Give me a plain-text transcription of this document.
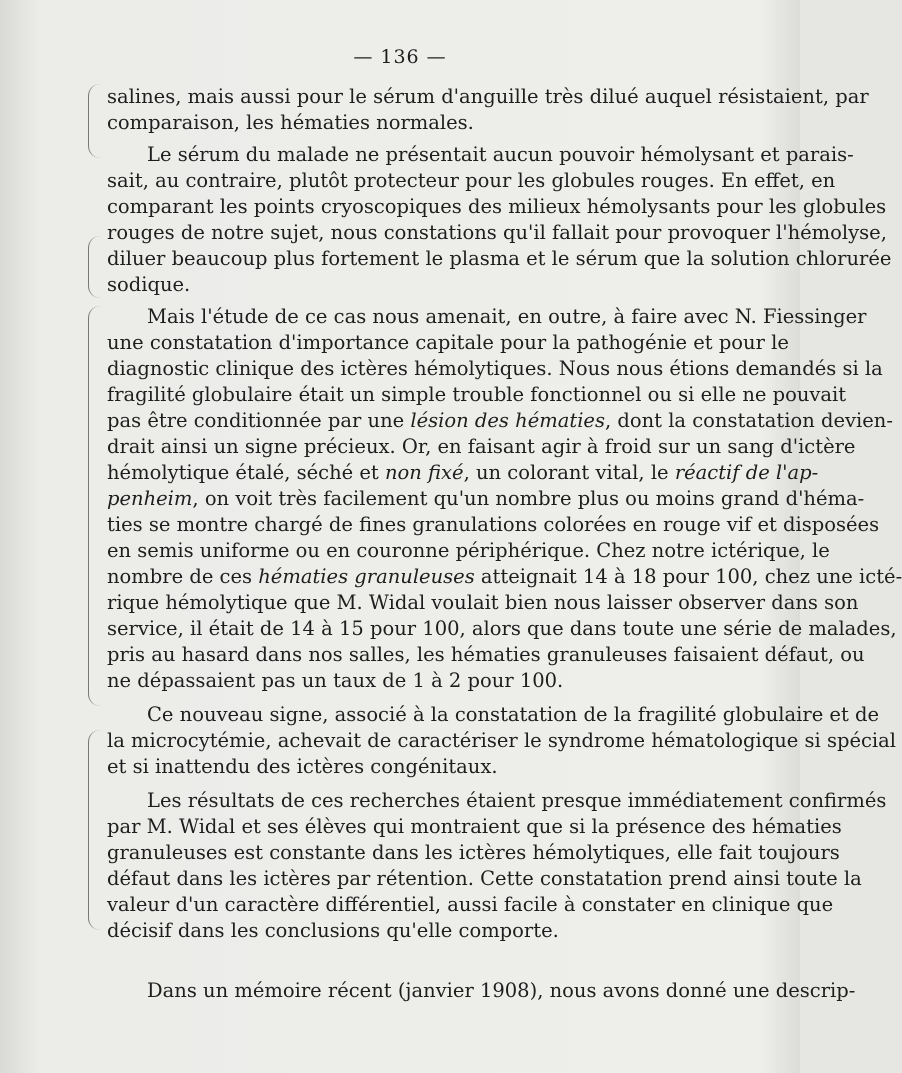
— 136 —
salines, mais aussi pour le sérum d'anguille très dilué auquel résistaient, par
comparaison, les hématies normales.
Le sérum du malade ne présentait aucun pouvoir hémolysant et parais-
sait, au contraire, plutôt protecteur pour les globules rouges. En effet, en
comparant les points cryoscopiques des milieux hémolysants pour les globules
rouges de notre sujet, nous constations qu'il fallait pour provoquer l'hémolyse,
diluer beaucoup plus fortement le plasma et le sérum que la solution chlorurée
sodique.
Mais l'étude de ce cas nous amenait, en outre, à faire avec N. Fiessinger
une constatation d'importance capitale pour la pathogénie et pour le
diagnostic clinique des ictères hémolytiques. Nous nous étions demandés si la
fragilité globulaire était un simple trouble fonctionnel ou si elle ne pouvait
pas être conditionnée par une lésion des hématies, dont la constatation devien-
drait ainsi un signe précieux. Or, en faisant agir à froid sur un sang d'ictère
hémolytique étalé, séché et non fixé, un colorant vital, le réactif de l'ap-
penheim, on voit très facilement qu'un nombre plus ou moins grand d'héma-
ties se montre chargé de fines granulations colorées en rouge vif et disposées
en semis uniforme ou en couronne périphérique. Chez notre ictérique, le
nombre de ces hématies granuleuses atteignait 14 à 18 pour 100, chez une icté-
rique hémolytique que M. Widal voulait bien nous laisser observer dans son
service, il était de 14 à 15 pour 100, alors que dans toute une série de malades,
pris au hasard dans nos salles, les hématies granuleuses faisaient défaut, ou
ne dépassaient pas un taux de 1 à 2 pour 100.
Ce nouveau signe, associé à la constatation de la fragilité globulaire et de
la microcytémie, achevait de caractériser le syndrome hématologique si spécial
et si inattendu des ictères congénitaux.
Les résultats de ces recherches étaient presque immédiatement confirmés
par M. Widal et ses élèves qui montraient que si la présence des hématies
granuleuses est constante dans les ictères hémolytiques, elle fait toujours
défaut dans les ictères par rétention. Cette constatation prend ainsi toute la
valeur d'un caractère différentiel, aussi facile à constater en clinique que
décisif dans les conclusions qu'elle comporte.
Dans un mémoire récent (janvier 1908), nous avons donné une descrip-
